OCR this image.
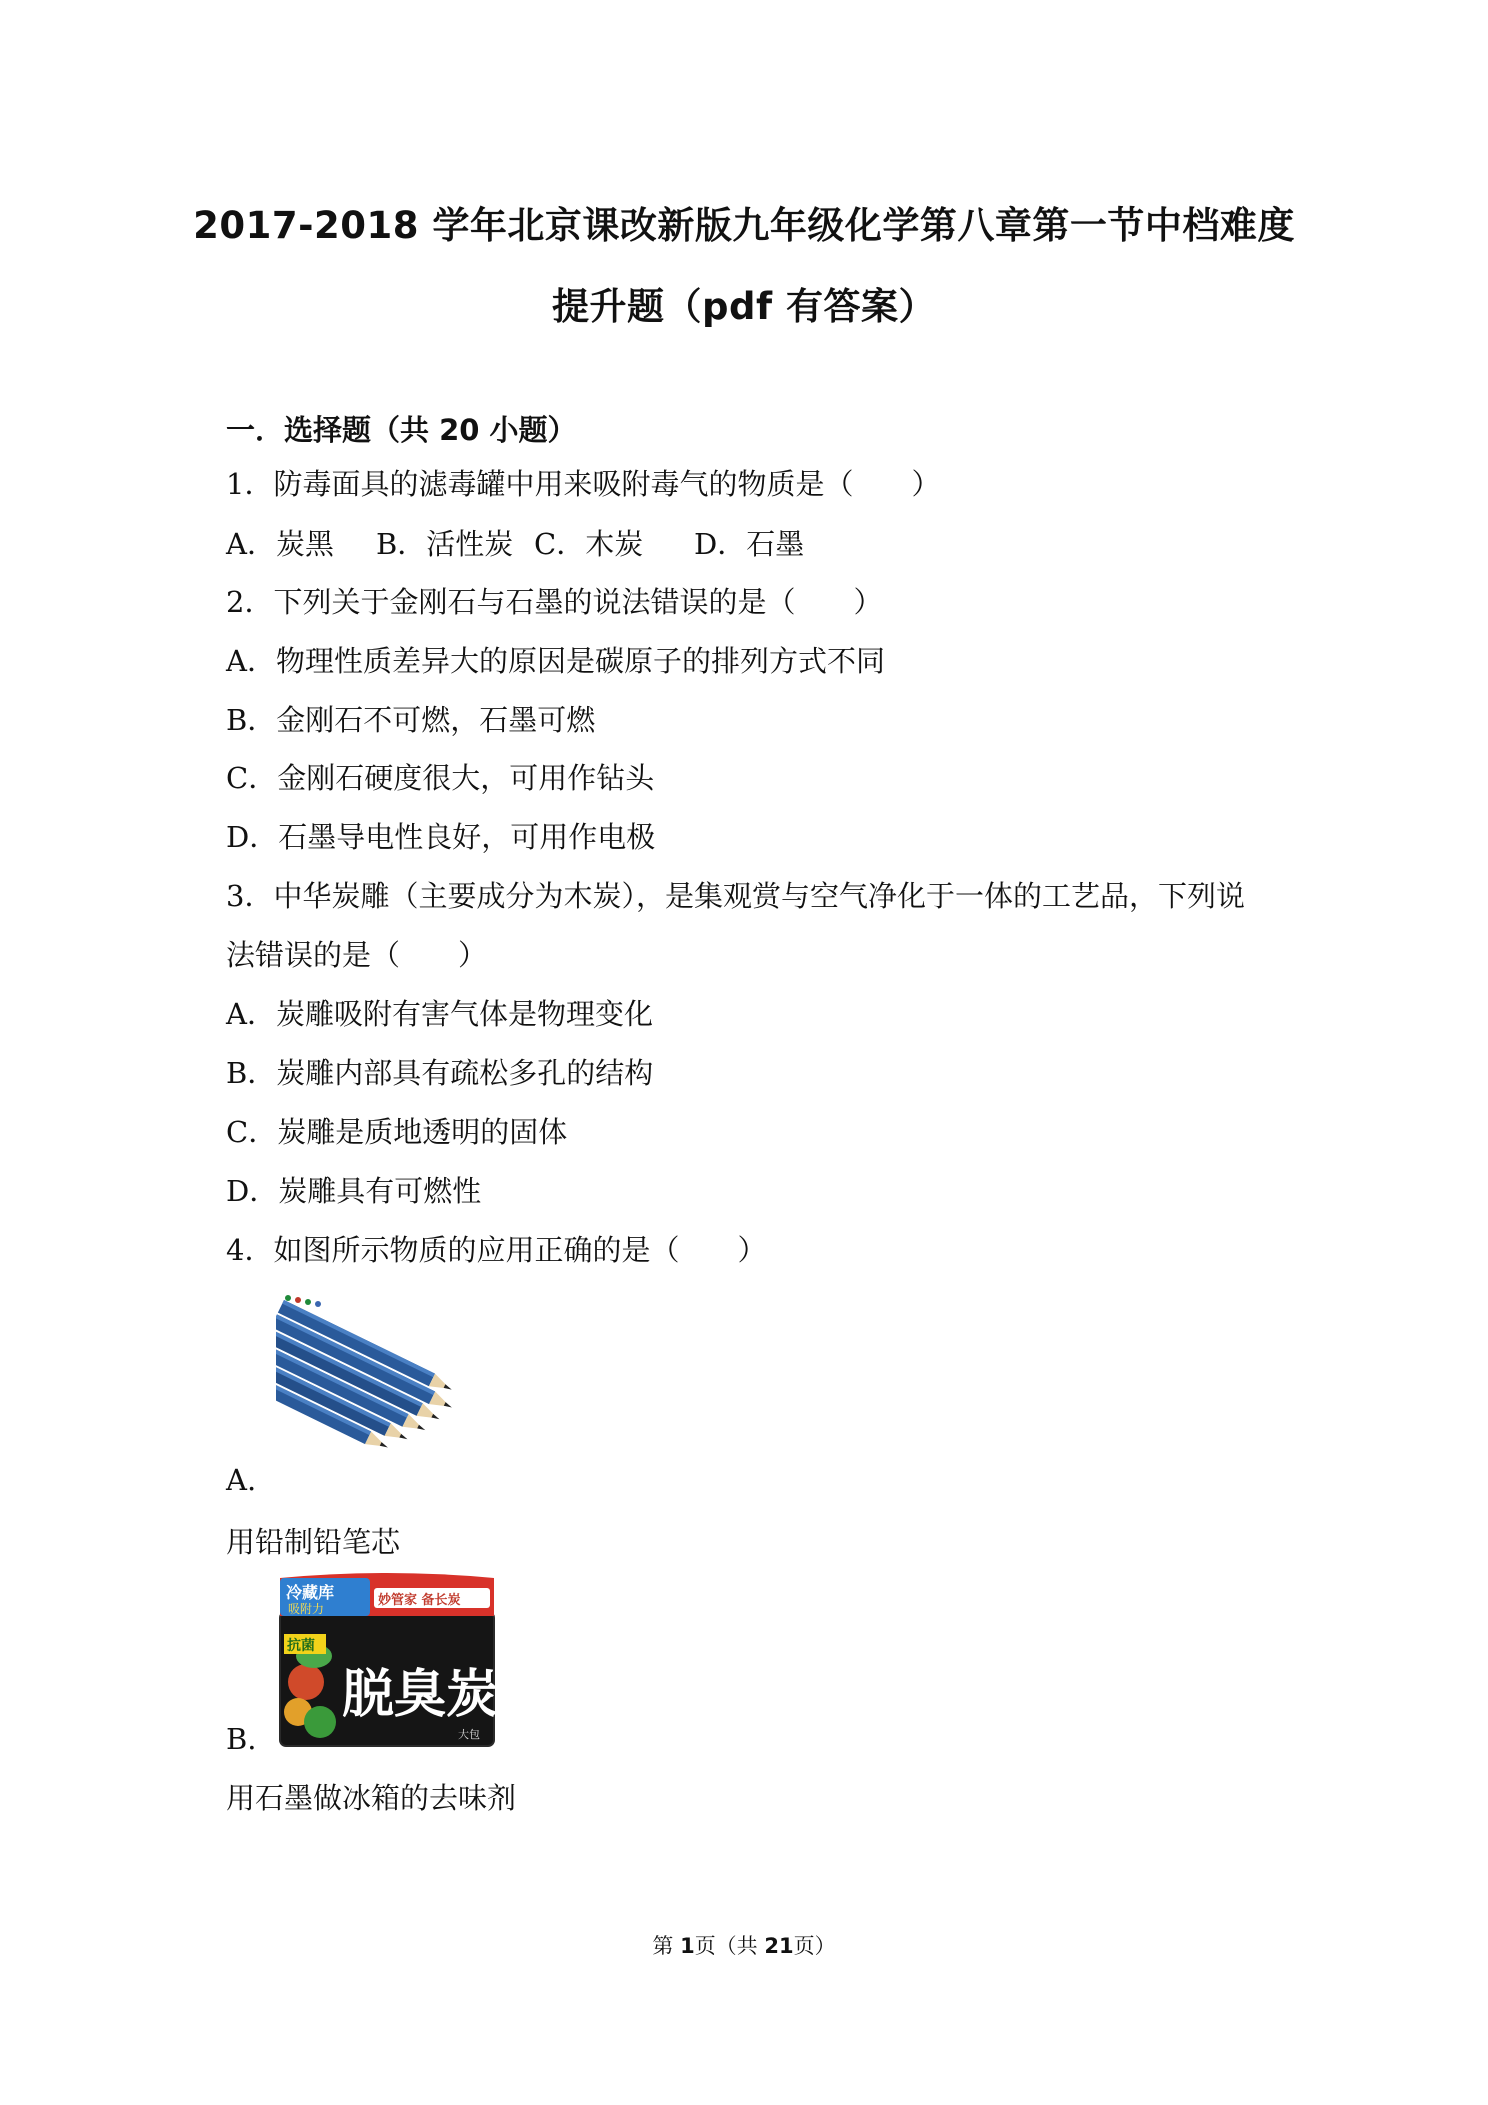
2017-2018 学年北京课改新版九年级化学第八章第一节中档难度
提升题（pdf 有答案）
一．选择题（共 20 小题）
1．防毒面具的滤毒罐中用来吸附毒气的物质是（　　）
A．炭黑 B．活性炭 C．木炭 D．石墨
2．下列关于金刚石与石墨的说法错误的是（　　）
A．物理性质差异大的原因是碳原子的排列方式不同
B．金刚石不可燃，石墨可燃
C．金刚石硬度很大，可用作钻头
D．石墨导电性良好，可用作电极
3．中华炭雕（主要成分为木炭），是集观赏与空气净化于一体的工艺品，下列说
法错误的是（　　）
A．炭雕吸附有害气体是物理变化
B．炭雕内部具有疏松多孔的结构
C．炭雕是质地透明的固体
D．炭雕具有可燃性
4．如图所示物质的应用正确的是（　　）
A.
用铅制铅笔芯
冷藏库
吸附力
妙管家 备长炭
抗菌
脱臭炭
大包
B.
用石墨做冰箱的去味剂
第 1页（共 21页）
